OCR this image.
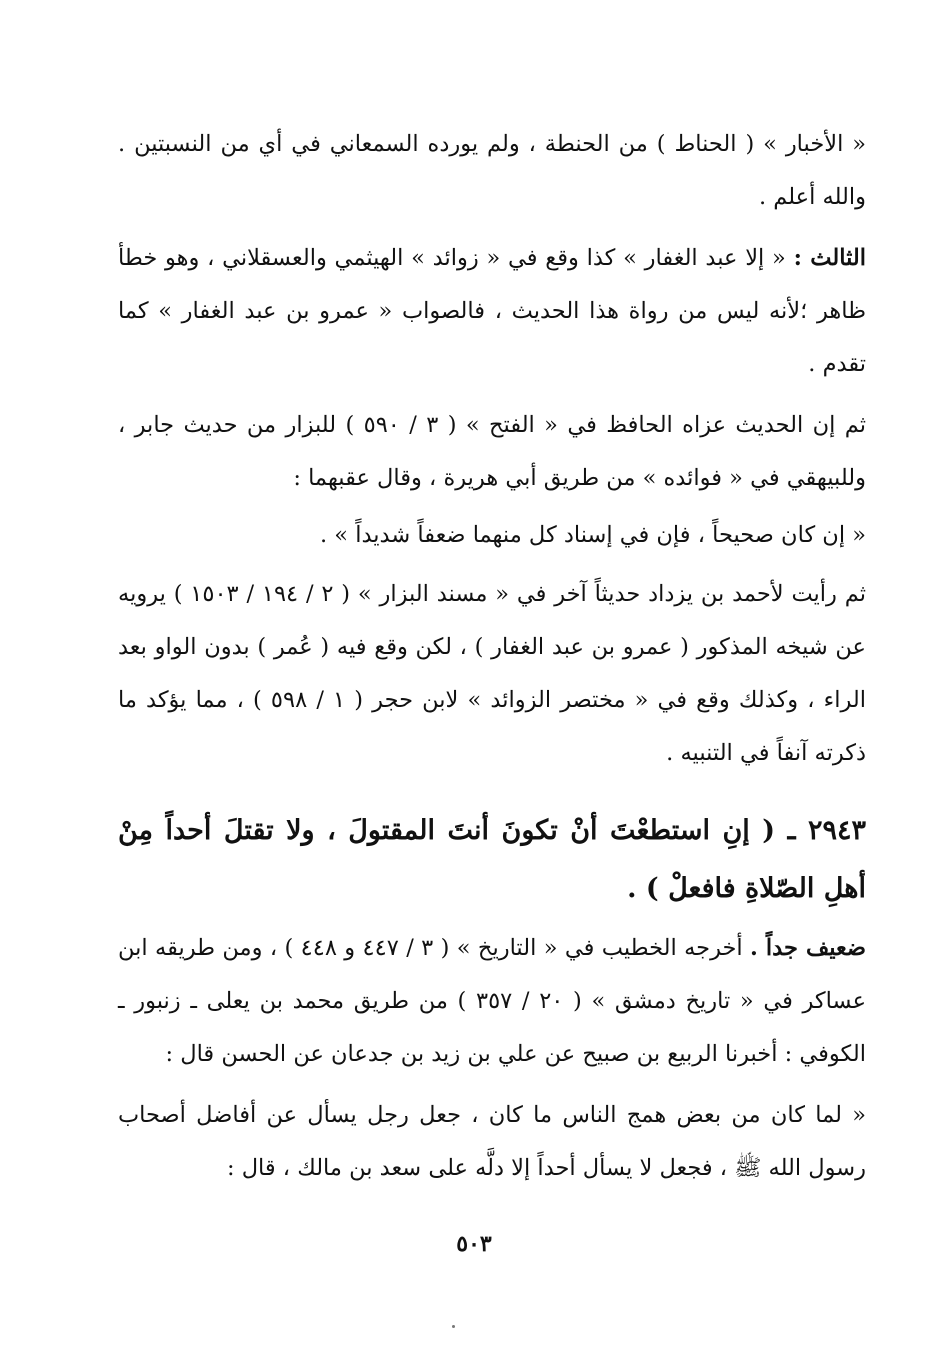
« الأخبار » ( الحناط ) من الحنطة ، ولم يورده السمعاني في أي من النسبتين . والله أعلم .

الثالث : « إلا عبد الغفار » كذا وقع في « زوائد » الهيثمي والعسقلاني ، وهو خطأ ظاهر ؛لأنه ليس من رواة هذا الحديث ، فالصواب « عمرو بن عبد الغفار » كما تقدم .

ثم إن الحديث عزاه الحافظ في « الفتح » ( ٣ / ٥٩٠ ) للبزار من حديث جابر ، وللبيهقي في « فوائده » من طريق أبي هريرة ، وقال عقبهما :

« إن كان صحيحاً ، فإن في إسناد كل منهما ضعفاً شديداً » .

ثم رأيت لأحمد بن يزداد حديثاً آخر في « مسند البزار » ( ٢ / ١٩٤ / ١٥٠٣ ) يرويه عن شيخه المذكور ( عمرو بن عبد الغفار ) ، لكن وقع فيه ( عُمر ) بدون الواو بعد الراء ، وكذلك وقع في « مختصر الزوائد » لابن حجر ( ١ / ٥٩٨ ) ، مما يؤكد ما ذكرته آنفاً في التنبيه .

٢٩٤٣ ـ ( إنِ استطعْتَ أنْ تكونَ أنتَ المقتولَ ، ولا تقتلَ أحداً مِنْ أهلِ الصّلاةِ فافعلْ ) .

ضعيف جداً . أخرجه الخطيب في « التاريخ » ( ٣ / ٤٤٧ و ٤٤٨ ) ، ومن طريقه ابن عساكر في « تاريخ دمشق » ( ٢٠ / ٣٥٧ ) من طريق محمد بن يعلى ـ زنبور ـ الكوفي : أخبرنا الربيع بن صبيح عن علي بن زيد بن جدعان عن الحسن قال :

« لما كان من بعض همج الناس ما كان ، جعل رجل يسأل عن أفاضل أصحاب رسول الله ﷺ ، فجعل لا يسأل أحداً إلا دلَّه على سعد بن مالك ، قال :

٥٠٣
